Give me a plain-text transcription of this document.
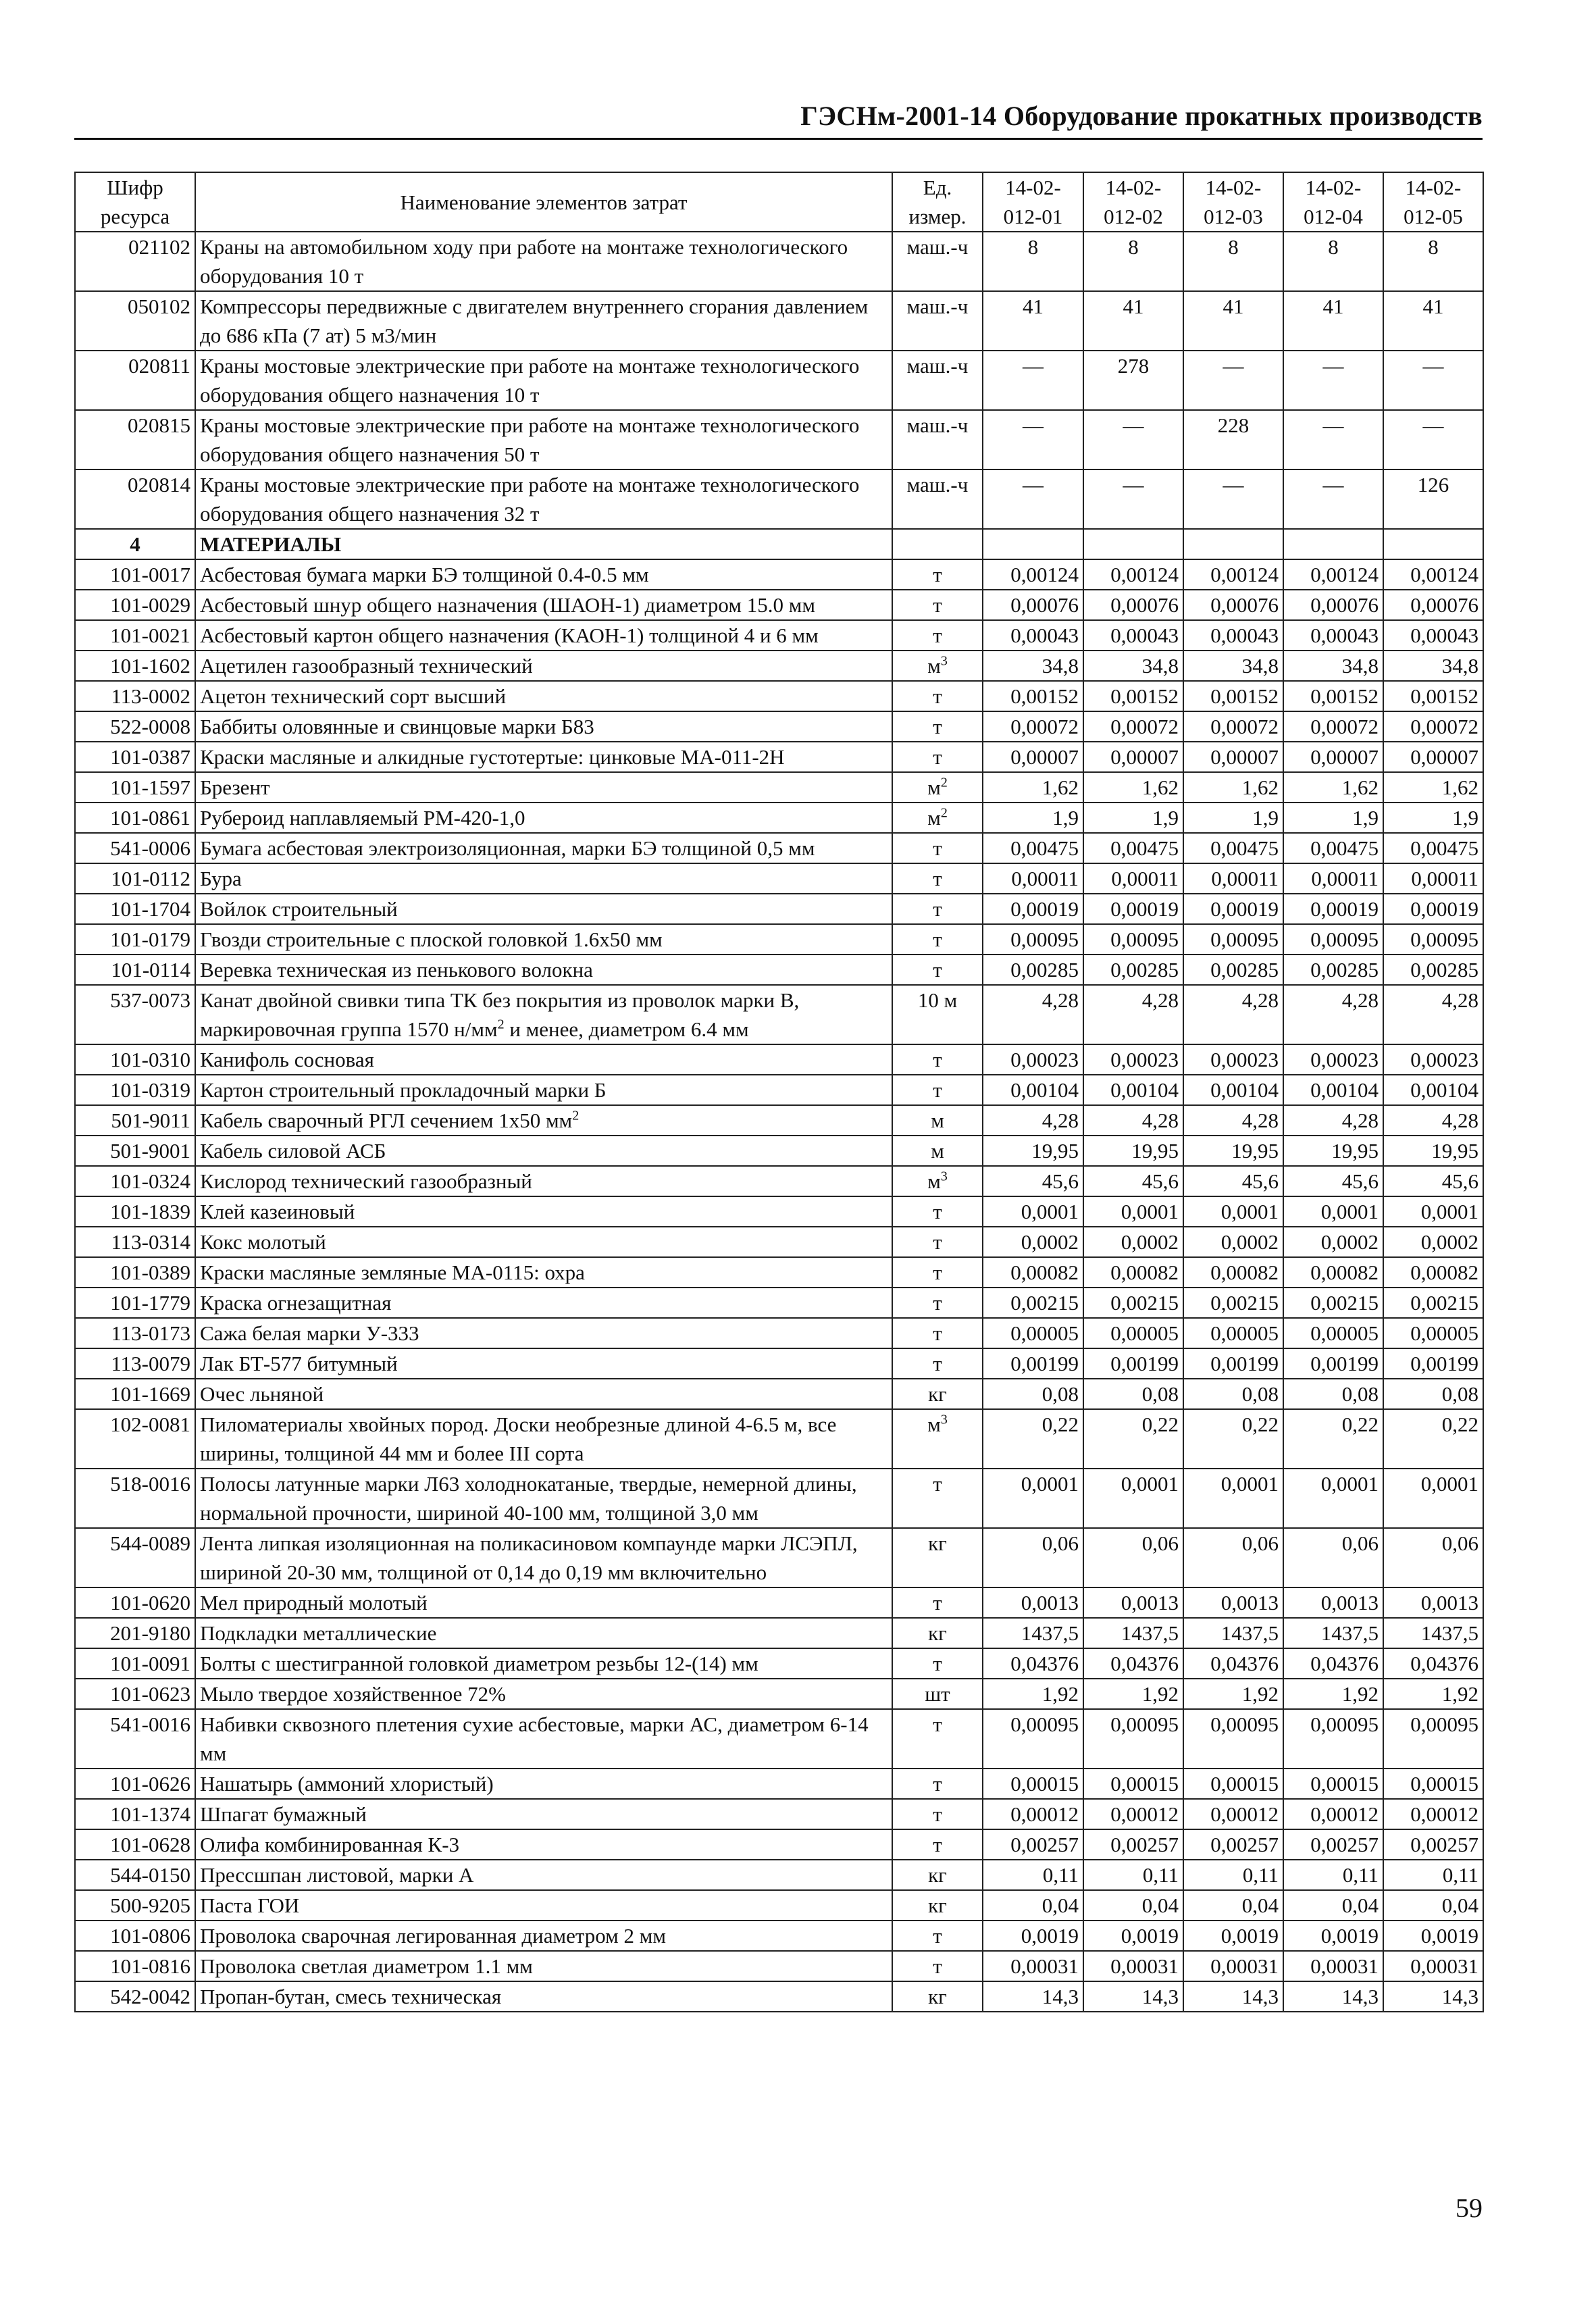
ГЭСНм-2001-14 Оборудование прокатных производств
Шифр ресурса	Наименование элементов затрат	Ед. измер.	14-02-012-01	14-02-012-02	14-02-012-03	14-02-012-04	14-02-012-05
021102	Краны на автомобильном ходу при работе на монтаже технологического оборудования 10 т	маш.-ч	8	8	8	8	8
050102	Компрессоры передвижные с двигателем внутреннего сгорания давлением до 686 кПа (7 ат) 5 м3/мин	маш.-ч	41	41	41	41	41
020811	Краны мостовые электрические при работе на монтаже технологического оборудования общего назначения 10 т	маш.-ч	—	278	—	—	—
020815	Краны мостовые электрические при работе на монтаже технологического оборудования общего назначения 50 т	маш.-ч	—	—	228	—	—
020814	Краны мостовые электрические при работе на монтаже технологического оборудования общего назначения 32 т	маш.-ч	—	—	—	—	126
4	МАТЕРИАЛЫ						
101-0017	Асбестовая бумага марки БЭ толщиной 0.4-0.5 мм	т	0,00124	0,00124	0,00124	0,00124	0,00124
101-0029	Асбестовый шнур общего назначения (ШАОН-1) диаметром 15.0 мм	т	0,00076	0,00076	0,00076	0,00076	0,00076
101-0021	Асбестовый картон общего назначения (КАОН-1) толщиной 4 и 6 мм	т	0,00043	0,00043	0,00043	0,00043	0,00043
101-1602	Ацетилен газообразный технический	$м^3$	34,8	34,8	34,8	34,8	34,8
113-0002	Ацетон технический сорт высший	т	0,00152	0,00152	0,00152	0,00152	0,00152
522-0008	Баббиты оловянные и свинцовые марки Б83	т	0,00072	0,00072	0,00072	0,00072	0,00072
101-0387	Краски масляные и алкидные густотертые: цинковые МА-011-2Н	т	0,00007	0,00007	0,00007	0,00007	0,00007
101-1597	Брезент	$м^2$	1,62	1,62	1,62	1,62	1,62
101-0861	Рубероид наплавляемый РМ-420-1,0	$м^2$	1,9	1,9	1,9	1,9	1,9
541-0006	Бумага асбестовая электроизоляционная, марки БЭ толщиной 0,5 мм	т	0,00475	0,00475	0,00475	0,00475	0,00475
101-0112	Бура	т	0,00011	0,00011	0,00011	0,00011	0,00011
101-1704	Войлок строительный	т	0,00019	0,00019	0,00019	0,00019	0,00019
101-0179	Гвозди строительные с плоской головкой 1.6x50 мм	т	0,00095	0,00095	0,00095	0,00095	0,00095
101-0114	Веревка техническая из пенькового волокна	т	0,00285	0,00285	0,00285	0,00285	0,00285
537-0073	Канат двойной свивки типа ТК без покрытия из проволок марки В, маркировочная группа 1570 $н/мм^2$ и менее, диаметром 6.4 мм	10 м	4,28	4,28	4,28	4,28	4,28
101-0310	Канифоль сосновая	т	0,00023	0,00023	0,00023	0,00023	0,00023
101-0319	Картон строительный прокладочный марки Б	т	0,00104	0,00104	0,00104	0,00104	0,00104
501-9011	Кабель сварочный РГЛ сечением 1x50 $мм^2$	м	4,28	4,28	4,28	4,28	4,28
501-9001	Кабель силовой АСБ	м	19,95	19,95	19,95	19,95	19,95
101-0324	Кислород технический газообразный	$м^3$	45,6	45,6	45,6	45,6	45,6
101-1839	Клей казеиновый	т	0,0001	0,0001	0,0001	0,0001	0,0001
113-0314	Кокс молотый	т	0,0002	0,0002	0,0002	0,0002	0,0002
101-0389	Краски масляные земляные МА-0115: охра	т	0,00082	0,00082	0,00082	0,00082	0,00082
101-1779	Краска огнезащитная	т	0,00215	0,00215	0,00215	0,00215	0,00215
113-0173	Сажа белая марки У-333	т	0,00005	0,00005	0,00005	0,00005	0,00005
113-0079	Лак БТ-577 битумный	т	0,00199	0,00199	0,00199	0,00199	0,00199
101-1669	Очес льняной	кг	0,08	0,08	0,08	0,08	0,08
102-0081	Пиломатериалы хвойных пород. Доски необрезные длиной 4-6.5 м, все ширины, толщиной 44 мм и более III сорта	$м^3$	0,22	0,22	0,22	0,22	0,22
518-0016	Полосы латунные марки Л63 холоднокатаные, твердые, немерной длины, нормальной прочности, шириной 40-100 мм, толщиной 3,0 мм	т	0,0001	0,0001	0,0001	0,0001	0,0001
544-0089	Лента липкая изоляционная на поликасиновом компаунде марки ЛСЭПЛ, шириной 20-30 мм, толщиной от 0,14 до 0,19 мм включительно	кг	0,06	0,06	0,06	0,06	0,06
101-0620	Мел природный молотый	т	0,0013	0,0013	0,0013	0,0013	0,0013
201-9180	Подкладки металлические	кг	1437,5	1437,5	1437,5	1437,5	1437,5
101-0091	Болты с шестигранной головкой диаметром резьбы 12-(14) мм	т	0,04376	0,04376	0,04376	0,04376	0,04376
101-0623	Мыло твердое хозяйственное 72%	шт	1,92	1,92	1,92	1,92	1,92
541-0016	Набивки сквозного плетения сухие асбестовые, марки АС, диаметром 6-14 мм	т	0,00095	0,00095	0,00095	0,00095	0,00095
101-0626	Нашатырь (аммоний хлористый)	т	0,00015	0,00015	0,00015	0,00015	0,00015
101-1374	Шпагат бумажный	т	0,00012	0,00012	0,00012	0,00012	0,00012
101-0628	Олифа комбинированная К-3	т	0,00257	0,00257	0,00257	0,00257	0,00257
544-0150	Прессшпан листовой, марки А	кг	0,11	0,11	0,11	0,11	0,11
500-9205	Паста ГОИ	кг	0,04	0,04	0,04	0,04	0,04
101-0806	Проволока сварочная легированная диаметром 2 мм	т	0,0019	0,0019	0,0019	0,0019	0,0019
101-0816	Проволока светлая диаметром 1.1 мм	т	0,00031	0,00031	0,00031	0,00031	0,00031
542-0042	Пропан-бутан, смесь техническая	кг	14,3	14,3	14,3	14,3	14,3
59
